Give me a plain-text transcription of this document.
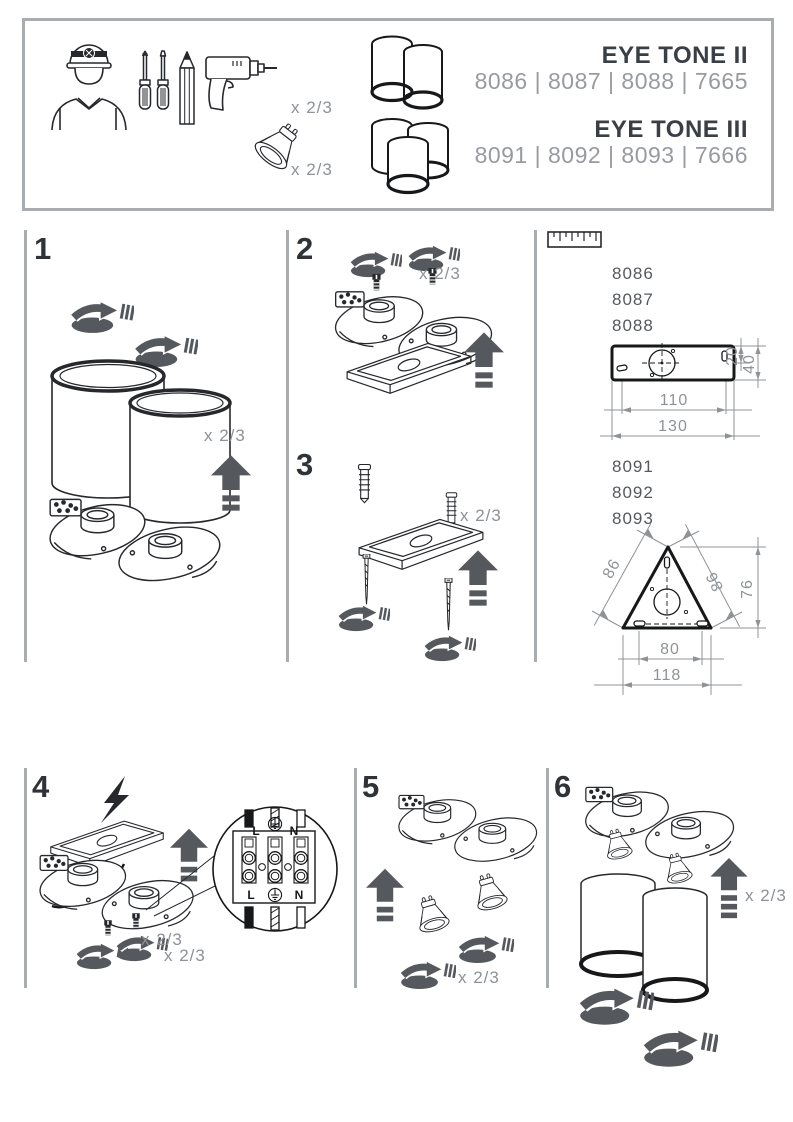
x 2/3
x 2/3
EYE TONE II
8086 | 8087 | 8088 | 7665
EYE TONE III
8091 | 8092 | 8093 | 7666
1	2
3
x 2/3
x 2/3
x 2/3
8086
8087
8088
110
130
20 40
8091
8092
8093
86	86 76
80
118
4	5	6
L N
L	N
x 2/3
x 2/3
x 2/3
x 2/3
